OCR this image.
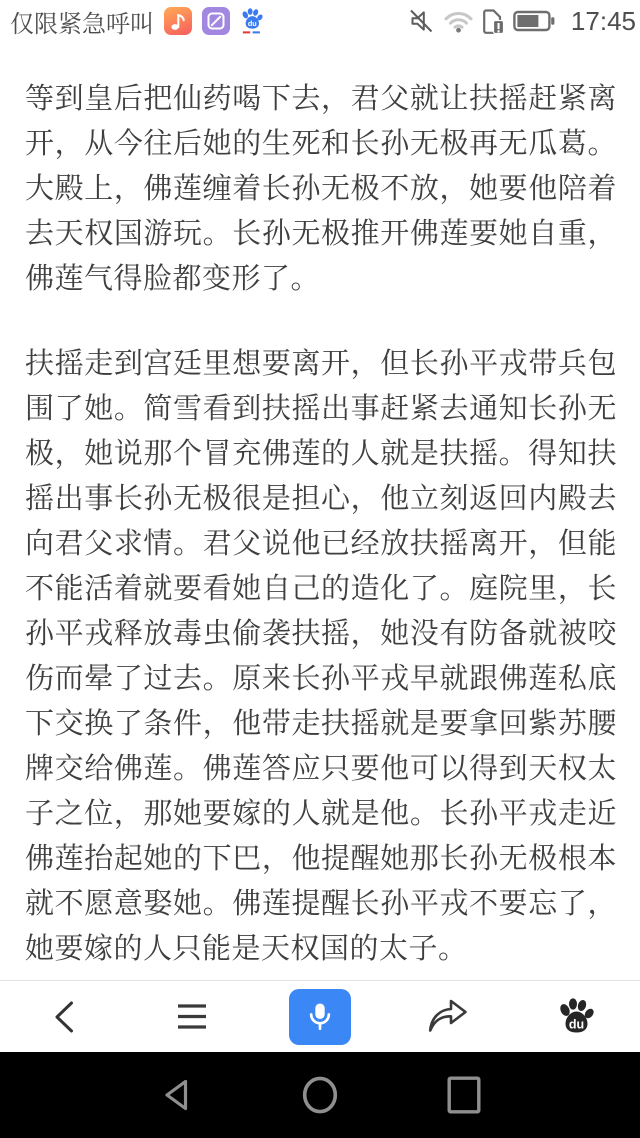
仅限紧急呼叫	du	17:45

等到皇后把仙药喝下去，君父就让扶摇赶紧离开，从今往后她的生死和长孙无极再无瓜葛。大殿上，佛莲缠着长孙无极不放，她要他陪着去天权国游玩。长孙无极推开佛莲要她自重，佛莲气得脸都变形了。

扶摇走到宫廷里想要离开，但长孙平戎带兵包围了她。简雪看到扶摇出事赶紧去通知长孙无极，她说那个冒充佛莲的人就是扶摇。得知扶摇出事长孙无极很是担心，他立刻返回内殿去向君父求情。君父说他已经放扶摇离开，但能不能活着就要看她自己的造化了。庭院里，长孙平戎释放毒虫偷袭扶摇，她没有防备就被咬伤而晕了过去。原来长孙平戎早就跟佛莲私底下交换了条件，他带走扶摇就是要拿回紫苏腰牌交给佛莲。佛莲答应只要他可以得到天权太子之位，那她要嫁的人就是他。长孙平戎走近佛莲抬起她的下巴，他提醒她那长孙无极根本就不愿意娶她。佛莲提醒长孙平戎不要忘了，她要嫁的人只能是天权国的太子。

du
